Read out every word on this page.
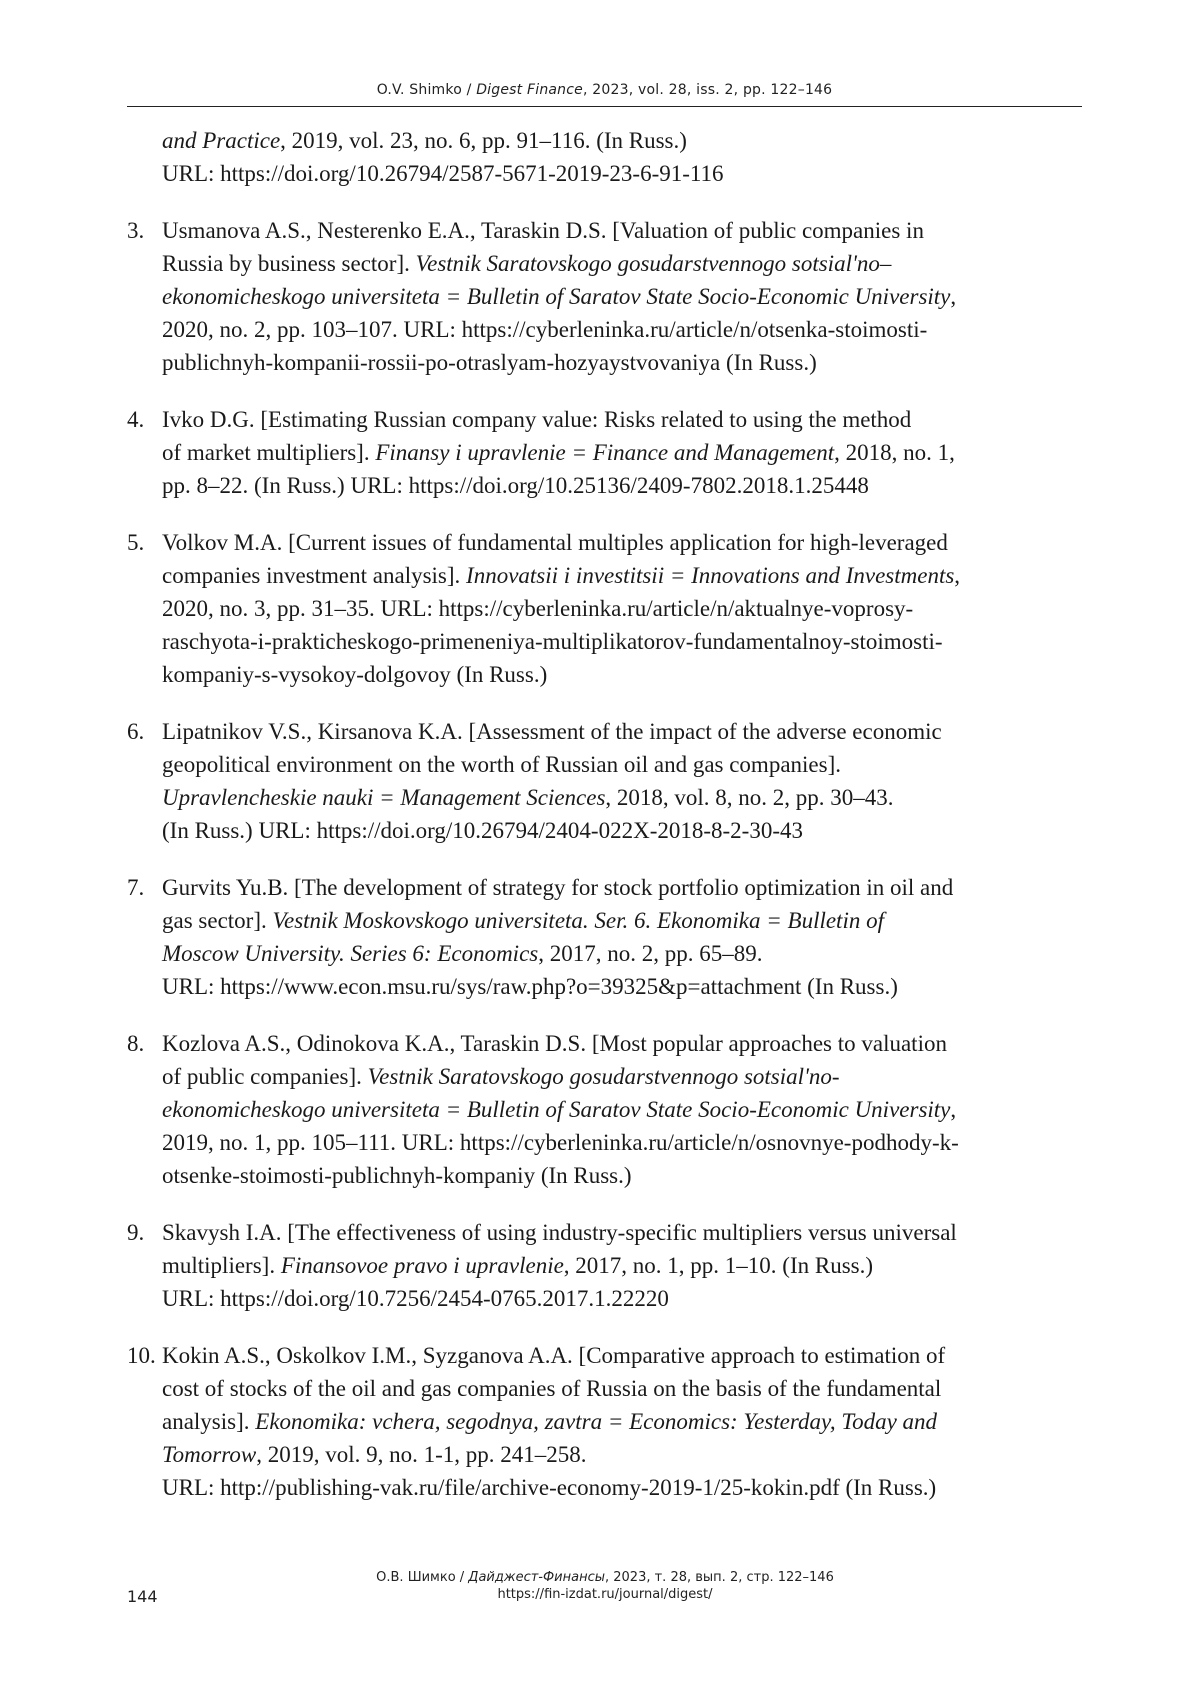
O.V. Shimko / Digest Finance, 2023, vol. 28, iss. 2, pp. 122–146
and Practice, 2019, vol. 23, no. 6, pp. 91–116. (In Russ.)
URL: https://doi.org/10.26794/2587-5671-2019-23-6-91-116
3. Usmanova A.S., Nesterenko E.A., Taraskin D.S. [Valuation of public companies in
Russia by business sector]. Vestnik Saratovskogo gosudarstvennogo sotsial'no–
ekonomicheskogo universiteta = Bulletin of Saratov State Socio-Economic University,
2020, no. 2, pp. 103–107. URL: https://cyberleninka.ru/article/n/otsenka-stoimosti-
publichnyh-kompanii-rossii-po-otraslyam-hozyaystvovaniya (In Russ.)
4. Ivko D.G. [Estimating Russian company value: Risks related to using the method
of market multipliers]. Finansy i upravlenie = Finance and Management, 2018, no. 1,
pp. 8–22. (In Russ.) URL: https://doi.org/10.25136/2409-7802.2018.1.25448
5. Volkov M.A. [Current issues of fundamental multiples application for high-leveraged
companies investment analysis]. Innovatsii i investitsii = Innovations and Investments,
2020, no. 3, pp. 31–35. URL: https://cyberleninka.ru/article/n/aktualnye-voprosy-
raschyota-i-prakticheskogo-primeneniya-multiplikatorov-fundamentalnoy-stoimosti-
kompaniy-s-vysokoy-dolgovoy (In Russ.)
6. Lipatnikov V.S., Kirsanova K.A. [Assessment of the impact of the adverse economic
geopolitical environment on the worth of Russian oil and gas companies].
Upravlencheskie nauki = Management Sciences, 2018, vol. 8, no. 2, pp. 30–43.
(In Russ.) URL: https://doi.org/10.26794/2404-022X-2018-8-2-30-43
7. Gurvits Yu.B. [The development of strategy for stock portfolio optimization in oil and
gas sector]. Vestnik Moskovskogo universiteta. Ser. 6. Ekonomika = Bulletin of
Moscow University. Series 6: Economics, 2017, no. 2, pp. 65–89.
URL: https://www.econ.msu.ru/sys/raw.php?o=39325&p=attachment (In Russ.)
8. Kozlova A.S., Odinokova K.A., Taraskin D.S. [Most popular approaches to valuation
of public companies]. Vestnik Saratovskogo gosudarstvennogo sotsial'no-
ekonomicheskogo universiteta = Bulletin of Saratov State Socio-Economic University,
2019, no. 1, pp. 105–111. URL: https://cyberleninka.ru/article/n/osnovnye-podhody-k-
otsenke-stoimosti-publichnyh-kompaniy (In Russ.)
9. Skavysh I.A. [The effectiveness of using industry-specific multipliers versus universal
multipliers]. Finansovoe pravo i upravlenie, 2017, no. 1, pp. 1–10. (In Russ.)
URL: https://doi.org/10.7256/2454-0765.2017.1.22220
10. Kokin A.S., Oskolkov I.M., Syzganova A.A. [Comparative approach to estimation of
cost of stocks of the oil and gas companies of Russia on the basis of the fundamental
analysis]. Ekonomika: vchera, segodnya, zavtra = Economics: Yesterday, Today and
Tomorrow, 2019, vol. 9, no. 1-1, pp. 241–258.
URL: http://publishing-vak.ru/file/archive-economy-2019-1/25-kokin.pdf (In Russ.)
144
О.В. Шимко / Дайджест-Финансы, 2023, т. 28, вып. 2, стр. 122–146
https://fin-izdat.ru/journal/digest/
